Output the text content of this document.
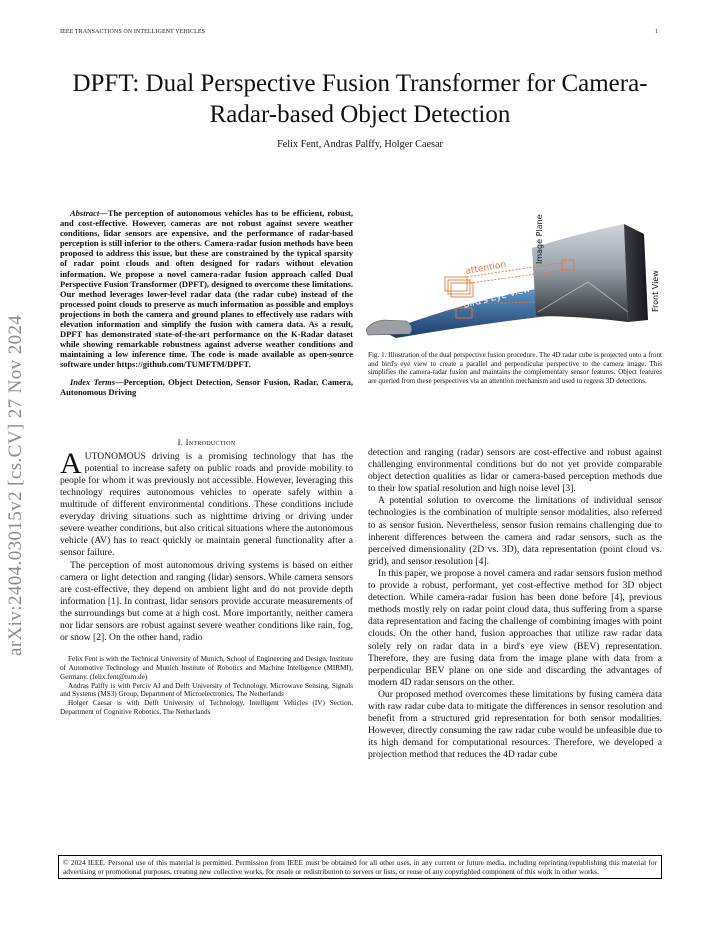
IEEE TRANSACTIONS ON INTELLIGENT VEHICLES	1
arXiv:2404.03015v2 [cs.CV] 27 Nov 2024
DPFT: Dual Perspective Fusion Transformer for Camera-Radar-based Object Detection
Felix Fent, Andras Palffy, Holger Caesar

Abstract—The perception of autonomous vehicles has to be efficient, robust, and cost-effective. However, cameras are not robust against severe weather conditions, lidar sensors are expensive, and the performance of radar-based perception is still inferior to the others. Camera-radar fusion methods have been proposed to address this issue, but these are constrained by the typical sparsity of radar point clouds and often designed for radars without elevation information. We propose a novel camera-radar fusion approach called Dual Perspective Fusion Transformer (DPFT), designed to overcome these limitations. Our method leverages lower-level radar data (the radar cube) instead of the processed point clouds to preserve as much information as possible and employs projections in both the camera and ground planes to effectively use radars with elevation information and simplify the fusion with camera data. As a result, DPFT has demonstrated state-of-the-art performance on the K-Radar dataset while showing remarkable robustness against adverse weather conditions and maintaining a low inference time. The code is made available as open-source software under https://github.com/TUMFTM/DPFT.

Index Terms—Perception, Object Detection, Sensor Fusion, Radar, Camera, Autonomous Driving

I. Introduction

AUTONOMOUS driving is a promising technology that has the potential to increase safety on public roads and provide mobility to people for whom it was previously not accessible. However, leveraging this technology requires autonomous vehicles to operate safely within a multitude of different environmental conditions. These conditions include everyday driving situations such as nighttime driving or driving under severe weather conditions, but also critical situations where the autonomous vehicle (AV) has to react quickly or maintain general functionality after a sensor failure.

The perception of most autonomous driving systems is based on either camera or light detection and ranging (lidar) sensors. While camera sensors are cost-effective, they depend on ambient light and do not provide depth information [1]. In contrast, lidar sensors provide accurate measurements of the surroundings but come at a high cost. More importantly, neither camera nor lidar sensors are robust against severe weather conditions like rain, fog, or snow [2]. On the other hand, radio

Felix Fent is with the Technical University of Munich, School of Engineering and Design, Institute of Automotive Technology and Munich Institute of Robotics and Machine Intelligence (MIRMI), Germany. (felix.fent@tum.de)

Andras Palffy is with Perciv AI and Delft University of Technology, Microwave Sensing, Signals and Systems (MS3) Group, Department of Microelectronics, The Netherlands

Holger Caesar is with Delft University of Technology, Intelligent Vehicles (IV) Section, Department of Cognitive Robotics, The Netherlands

attention
Bird's Eye View
Image Plane
Front View
Fig. 1. Illustration of the dual perspective fusion procedure. The 4D radar cube is projected onto a front and bird's eye view to create a parallel and perpendicular perspective to the camera image. This simplifies the camera-radar fusion and maintains the complementary sensor features. Object features are queried from these perspectives via an attention mechanism and used to regress 3D detections.

detection and ranging (radar) sensors are cost-effective and robust against challenging environmental conditions but do not yet provide comparable object detection qualities as lidar or camera-based perception methods due to their low spatial resolution and high noise level [3].

A potential solution to overcome the limitations of individual sensor technologies is the combination of multiple sensor modalities, also referred to as sensor fusion. Nevertheless, sensor fusion remains challenging due to inherent differences between the camera and radar sensors, such as the perceived dimensionality (2D vs. 3D), data representation (point cloud vs. grid), and sensor resolution [4].

In this paper, we propose a novel camera and radar sensors fusion method to provide a robust, performant, yet cost-effective method for 3D object detection. While camera-radar fusion has been done before [4], previous methods mostly rely on radar point cloud data, thus suffering from a sparse data representation and facing the challenge of combining images with point clouds. On the other hand, fusion approaches that utilize raw radar data solely rely on radar data in a bird's eye view (BEV) representation. Therefore, they are fusing data from the image plane with data from a perpendicular BEV plane on one side and discarding the advantages of modern 4D radar sensors on the other.

Our proposed method overcomes these limitations by fusing camera data with raw radar cube data to mitigate the differences in sensor resolution and benefit from a structured grid representation for both sensor modalities. However, directly consuming the raw radar cube would be unfeasible due to its high demand for computational resources. Therefore, we developed a projection method that reduces the 4D radar cube

© 2024 IEEE. Personal use of this material is permitted. Permission from IEEE must be obtained for all other uses, in any current or future media, including reprinting/republishing this material for advertising or promotional purposes, creating new collective works, for resale or redistribution to servers or lists, or reuse of any copyrighted component of this work in other works.
